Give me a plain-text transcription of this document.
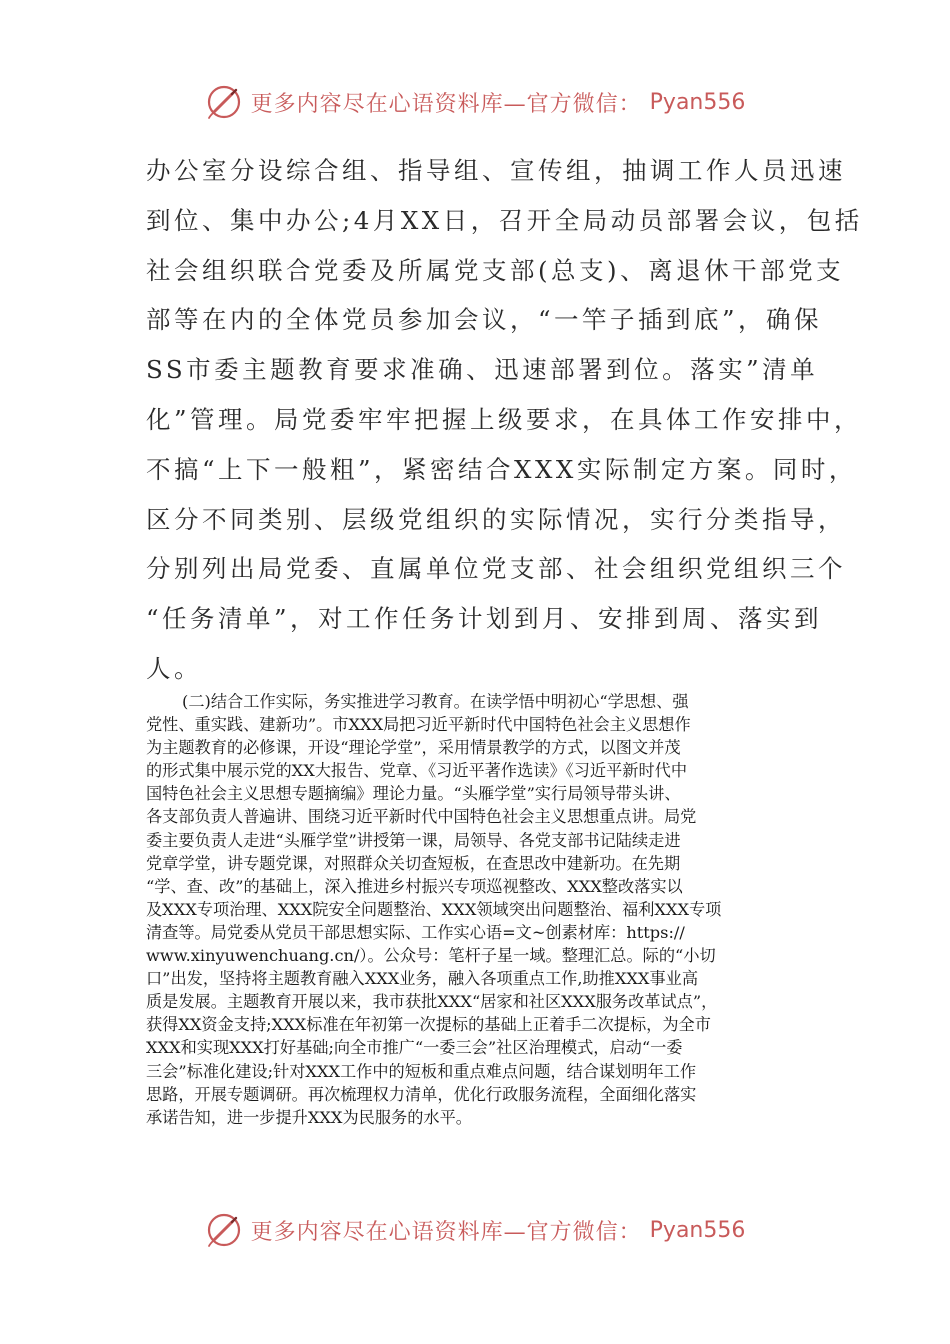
更多内容尽在心语资料库—官方微信： Pyan556
办公室分设综合组、指导组、宣传组，抽调工作人员迅速
到位、集中办公;4月XX日，召开全局动员部署会议，包括
社会组织联合党委及所属党支部(总支)、离退休干部党支
部等在内的全体党员参加会议，“一竿子插到底”，确保
SS市委主题教育要求准确、迅速部署到位。落实”清单
化”管理。局党委牢牢把握上级要求，在具体工作安排中，
不搞“上下一般粗”，紧密结合XXX实际制定方案。同时，
区分不同类别、层级党组织的实际情况，实行分类指导，
分别列出局党委、直属单位党支部、社会组织党组织三个
“任务清单”，对工作任务计划到月、安排到周、落实到
人。
(二)结合工作实际，务实推进学习教育。在读学悟中明初心“学思想、强
党性、重实践、建新功”。市XXX局把习近平新时代中国特色社会主义思想作
为主题教育的必修课，开设“理论学堂”，采用情景教学的方式，以图文并茂
的形式集中展示党的XX大报告、党章、《习近平著作选读》《习近平新时代中
国特色社会主义思想专题摘编》理论力量。“头雁学堂”实行局领导带头讲、
各支部负责人普遍讲、围绕习近平新时代中国特色社会主义思想重点讲。局党
委主要负责人走进“头雁学堂”讲授第一课，局领导、各党支部书记陆续走进
党章学堂，讲专题党课，对照群众关切查短板，在查思改中建新功。在先期
“学、查、改”的基础上，深入推进乡村振兴专项巡视整改、XXX整改落实以
及XXX专项治理、XXX院安全问题整治、XXX领域突出问题整治、福利XXX专项
清查等。局党委从党员干部思想实际、工作实心语=文~创素材库：https://
www.xinyuwenchuang.cn/）。公众号：笔杆子星一域。整理汇总。际的“小切
口”出发，坚持将主题教育融入XXX业务，融入各项重点工作,助推XXX事业高
质是发展。主题教育开展以来，我市获批XXX“居家和社区XXX服务改革试点”，
获得XX资金支持;XXX标准在年初第一次提标的基础上正着手二次提标，为全市
XXX和实现XXX打好基础;向全市推广“一委三会”社区治理模式，启动“一委
三会”标准化建设;针对XXX工作中的短板和重点难点问题，结合谋划明年工作
思路，开展专题调研。再次梳理权力清单，优化行政服务流程，全面细化落实
承诺告知，进一步提升XXX为民服务的水平。
更多内容尽在心语资料库—官方微信： Pyan556
